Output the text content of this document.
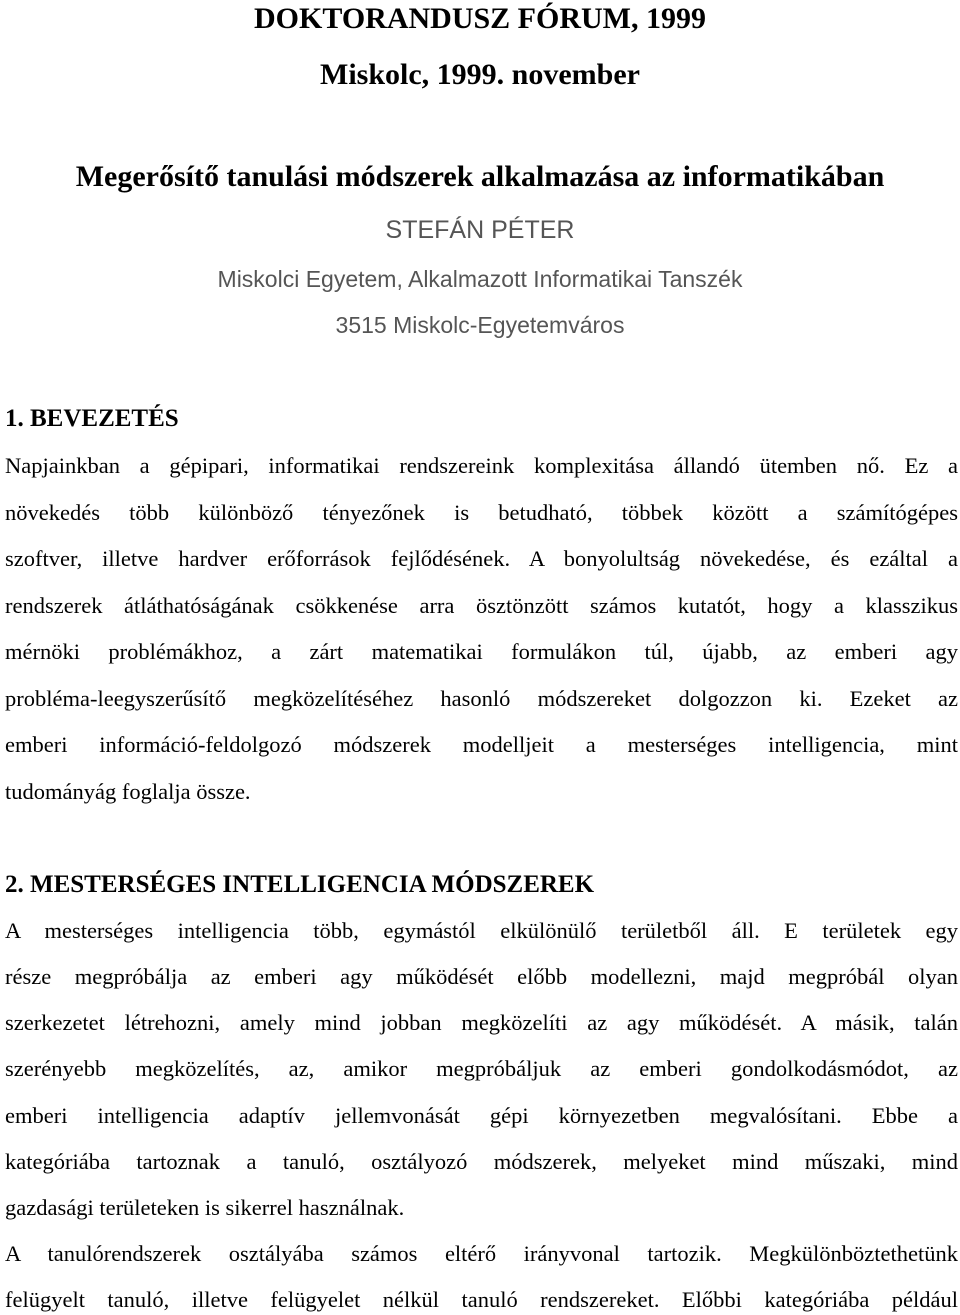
DOKTORANDUSZ FÓRUM, 1999
Miskolc, 1999. november
Megerősítő tanulási módszerek alkalmazása az informatikában
STEFÁN PÉTER
Miskolci Egyetem, Alkalmazott Informatikai Tanszék
3515 Miskolc-Egyetemváros
1. BEVEZETÉS
Napjainkban a gépipari, informatikai rendszereink komplexitása állandó ütemben nő. Ez a
növekedés több különböző tényezőnek is betudható, többek között a számítógépes
szoftver, illetve hardver erőforrások fejlődésének. A bonyolultság növekedése, és ezáltal a
rendszerek átláthatóságának csökkenése arra ösztönzött számos kutatót, hogy a klasszikus
mérnöki problémákhoz, a zárt matematikai formulákon túl, újabb, az emberi agy
probléma-leegyszerűsítő megközelítéséhez hasonló módszereket dolgozzon ki. Ezeket az
emberi információ-feldolgozó módszerek modelljeit a mesterséges intelligencia, mint
tudományág foglalja össze.
2. MESTERSÉGES INTELLIGENCIA MÓDSZEREK
A mesterséges intelligencia több, egymástól elkülönülő területből áll. E területek egy
része megpróbálja az emberi agy működését előbb modellezni, majd megpróbál olyan
szerkezetet létrehozni, amely mind jobban megközelíti az agy működését. A másik, talán
szerényebb megközelítés, az, amikor megpróbáljuk az emberi gondolkodásmódot, az
emberi intelligencia adaptív jellemvonását gépi környezetben megvalósítani. Ebbe a
kategóriába tartoznak a tanuló, osztályozó módszerek, melyeket mind műszaki, mind
gazdasági területeken is sikerrel használnak.
A tanulórendszerek osztályába számos eltérő irányvonal tartozik. Megkülönböztethetünk
felügyelt tanuló, illetve felügyelet nélkül tanuló rendszereket. Előbbi kategóriába például
